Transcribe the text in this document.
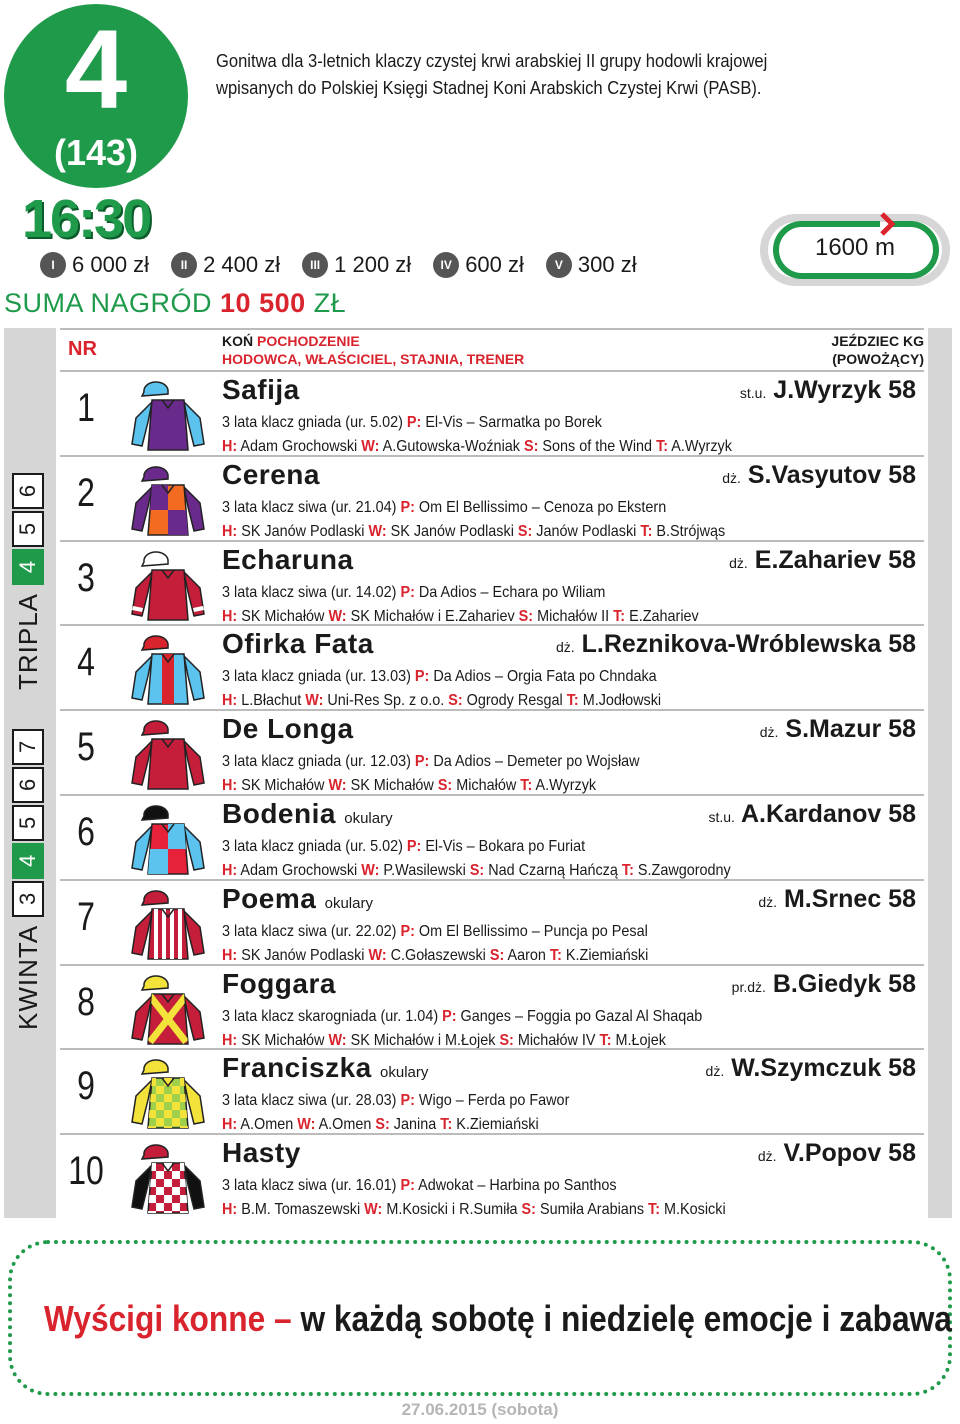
4
(143)
16:30
Gonitwa dla 3-letnich klaczy czystej krwi arabskiej II grupy hodowli krajowej wpisanych do Polskiej Księgi Stadnej Koni Arabskich Czystej Krwi (PASB).
I 6 000 zł	II 2 400 zł	III 1 200 zł	IV 600 zł	V 300 zł
SUMA NAGRÓD 10 500 ZŁ
1600 m
TRIPLA
4
5
6
KWINTA
3
4
5
6
7
NR	KOŃ POCHODZENIE
HODOWCA, WŁAŚCICIEL, STAJNIA, TRENER
JEŹDZIEC KG
(POWOŻĄCY)
1	Safija	st.u. J.Wyrzyk 58
3 lata klacz gniada (ur. 5.02) P: El-Vis – Sarmatka po Borek
H: Adam Grochowski W: A.Gutowska-Woźniak S: Sons of the Wind T: A.Wyrzyk
2	Cerena	dż. S.Vasyutov 58
3 lata klacz siwa (ur. 21.04) P: Om El Bellissimo – Cenoza po Ekstern
H: SK Janów Podlaski W: SK Janów Podlaski S: Janów Podlaski T: B.Strójwąs
3	Echaruna	dż. E.Zahariev 58
3 lata klacz siwa (ur. 14.02) P: Da Adios – Echara po Wiliam
H: SK Michałów W: SK Michałów i E.Zahariev S: Michałów II T: E.Zahariev
4	Ofirka Fata	dż. L.Reznikova-Wróblewska 58
3 lata klacz gniada (ur. 13.03) P: Da Adios – Orgia Fata po Chndaka
H: L.Błachut W: Uni-Res Sp. z o.o. S: Ogrody Resgal T: M.Jodłowski
5	De Longa	dż. S.Mazur 58
3 lata klacz gniada (ur. 12.03) P: Da Adios – Demeter po Wojsław
H: SK Michałów W: SK Michałów S: Michałów T: A.Wyrzyk
6	Bodenia okulary	st.u. A.Kardanov 58
3 lata klacz gniada (ur. 5.02) P: El-Vis – Bokara po Furiat
H: Adam Grochowski W: P.Wasilewski S: Nad Czarną Hańczą T: S.Zawgorodny
7	Poema okulary	dż. M.Srnec 58
3 lata klacz siwa (ur. 22.02) P: Om El Bellissimo – Puncja po Pesal
H: SK Janów Podlaski W: C.Gołaszewski S: Aaron T: K.Ziemiański
8	Foggara	pr.dż. B.Giedyk 58
3 lata klacz skarogniada (ur. 1.04) P: Ganges – Foggia po Gazal Al Shaqab
H: SK Michałów W: SK Michałów i M.Łojek S: Michałów IV T: M.Łojek
9	Franciszka okulary	dż. W.Szymczuk 58
3 lata klacz siwa (ur. 28.03) P: Wigo – Ferda po Fawor
H: A.Omen W: A.Omen S: Janina T: K.Ziemiański
10	Hasty	dż. V.Popov 58
3 lata klacz siwa (ur. 16.01) P: Adwokat – Harbina po Santhos
H: B.M. Tomaszewski W: M.Kosicki i R.Sumiła S: Sumiła Arabians T: M.Kosicki
Wyścigi konne – w każdą sobotę i niedzielę emocje i zabawa
27.06.2015 (sobota)
